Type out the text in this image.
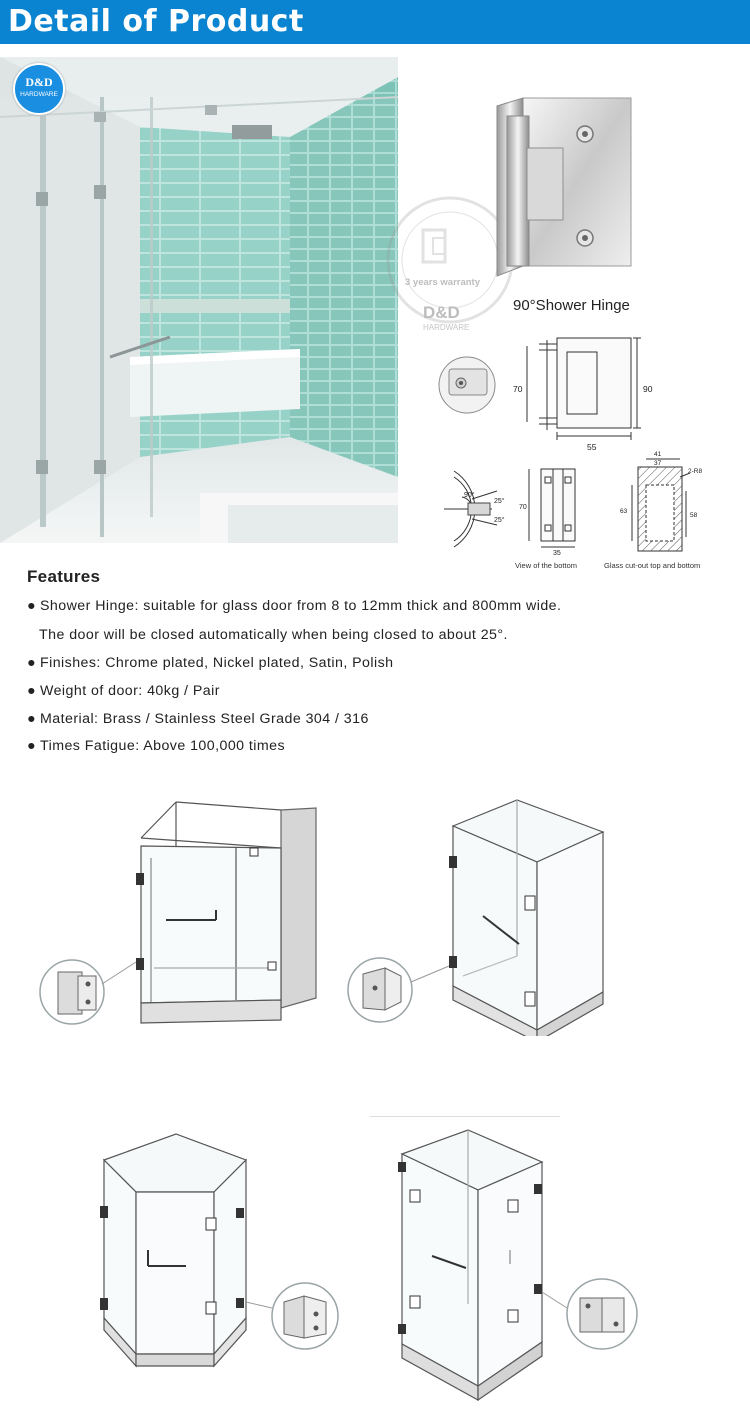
Detail of Product
D&D
HARDWARE
3 years warranty
D&D
HARDWARE
90°Shower Hinge
70	90
55
90°
25°
25°
70
35
View of the bottom
41
37
2-R8
63
58
Glass cut-out top and bottom
Features
● Shower Hinge: suitable for glass door from 8 to 12mm thick and 800mm wide.
The door will be closed automatically when being closed to about 25°.
● Finishes: Chrome plated, Nickel plated, Satin, Polish
● Weight of door: 40kg / Pair
● Material: Brass / Stainless Steel Grade 304 / 316
● Times Fatigue: Above 100,000 times
